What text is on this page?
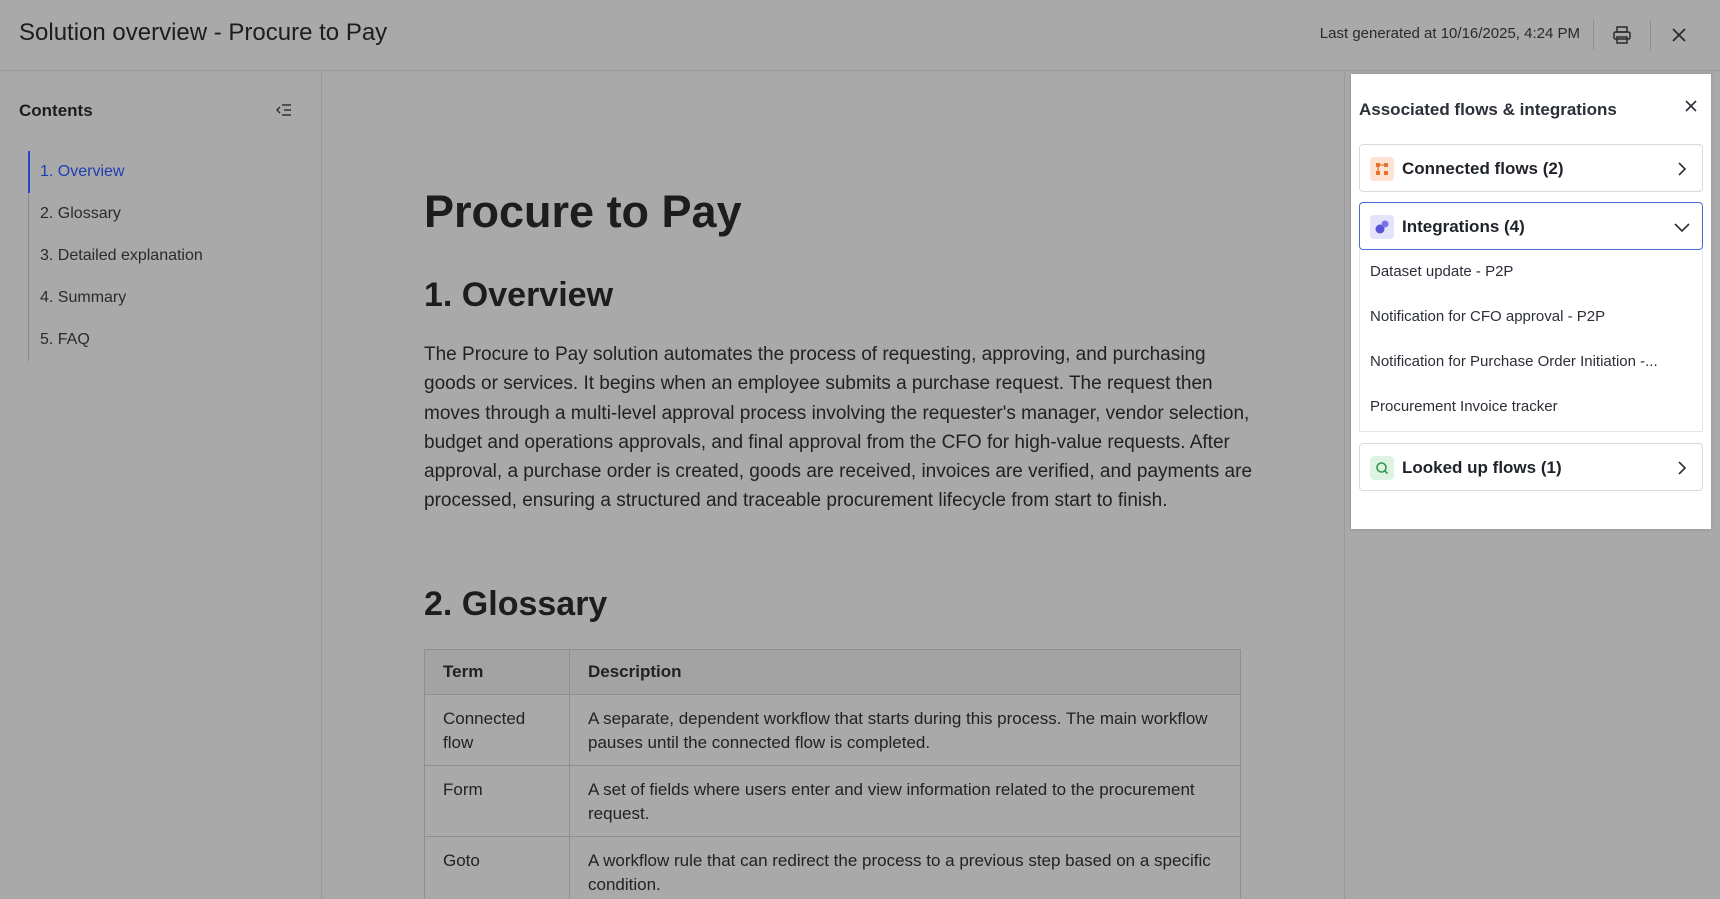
Solution overview - Procure to Pay	Last generated at 10/16/2025, 4:24 PM
Contents
1. Overview
2. Glossary
3. Detailed explanation
4. Summary
5. FAQ
Procure to Pay
1. Overview
The Procure to Pay solution automates the process of requesting, approving, and purchasing goods or services. It begins when an employee submits a purchase request. The request then moves through a multi-level approval process involving the requester's manager, vendor selection, budget and operations approvals, and final approval from the CFO for high-value requests. After approval, a purchase order is created, goods are received, invoices are verified, and payments are processed, ensuring a structured and traceable procurement lifecycle from start to finish.
2. Glossary
Term	Description
Connected flow	A separate, dependent workflow that starts during this process. The main workflow pauses until the connected flow is completed.
Form	A set of fields where users enter and view information related to the procurement request.
Goto	A workflow rule that can redirect the process to a previous step based on a specific condition.
Associated flows & integrations
Connected flows (2)
Integrations (4)
Dataset update - P2P
Notification for CFO approval - P2P
Notification for Purchase Order Initiation -...
Procurement Invoice tracker
Looked up flows (1)
